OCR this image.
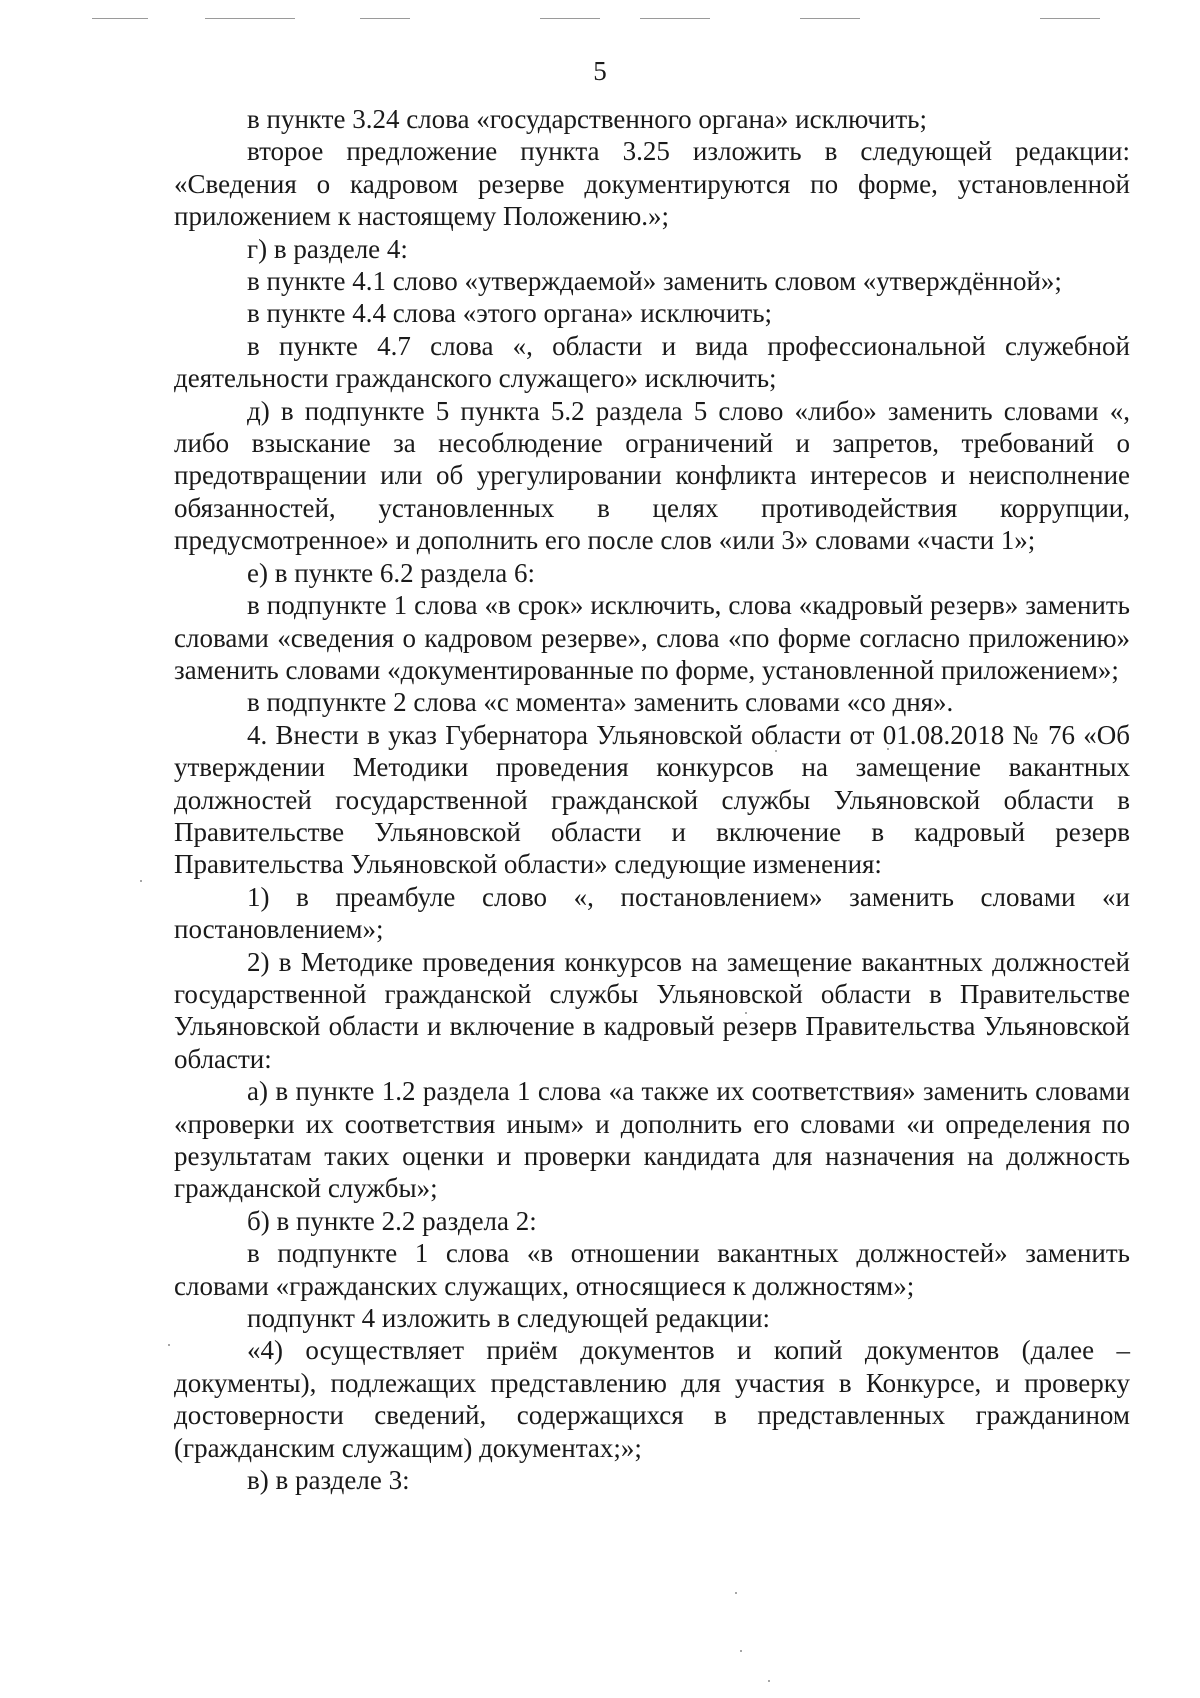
5

в пункте 3.24 слова «государственного органа» исключить;

второе предложение пункта 3.25 изложить в следующей редакции: «Сведения о кадровом резерве документируются по форме, установленной приложением к настоящему Положению.»;

г) в разделе 4:

в пункте 4.1 слово «утверждаемой» заменить словом «утверждённой»;

в пункте 4.4 слова «этого органа» исключить;

в пункте 4.7 слова «, области и вида профессиональной служебной деятельности гражданского служащего» исключить;

д) в подпункте 5 пункта 5.2 раздела 5 слово «либо» заменить словами «, либо взыскание за несоблюдение ограничений и запретов, требований о предотвращении или об урегулировании конфликта интересов и неисполнение обязанностей, установленных в целях противодействия коррупции, предусмотренное» и дополнить его после слов «или 3» словами «части 1»;

е) в пункте 6.2 раздела 6:

в подпункте 1 слова «в срок» исключить, слова «кадровый резерв» заменить словами «сведения о кадровом резерве», слова «по форме согласно приложению» заменить словами «документированные по форме, установленной приложением»;

в подпункте 2 слова «с момента» заменить словами «со дня».

4. Внести в указ Губернатора Ульяновской области от 01.08.2018 № 76 «Об утверждении Методики проведения конкурсов на замещение вакантных должностей государственной гражданской службы Ульяновской области в Правительстве Ульяновской области и включение в кадровый резерв Правительства Ульяновской области» следующие изменения:

1) в преамбуле слово «, постановлением» заменить словами «и постановлением»;

2) в Методике проведения конкурсов на замещение вакантных должностей государственной гражданской службы Ульяновской области в Правительстве Ульяновской области и включение в кадровый резерв Правительства Ульяновской области:

а) в пункте 1.2 раздела 1 слова «а также их соответствия» заменить словами «проверки их соответствия иным» и дополнить его словами «и определения по результатам таких оценки и проверки кандидата для назначения на должность гражданской службы»;

б) в пункте 2.2 раздела 2:

в подпункте 1 слова «в отношении вакантных должностей» заменить словами «гражданских служащих, относящиеся к должностям»;

подпункт 4 изложить в следующей редакции:

«4) осуществляет приём документов и копий документов (далее – документы), подлежащих представлению для участия в Конкурсе, и проверку достоверности сведений, содержащихся в представленных гражданином (гражданским служащим) документах;»;

в) в разделе 3:
